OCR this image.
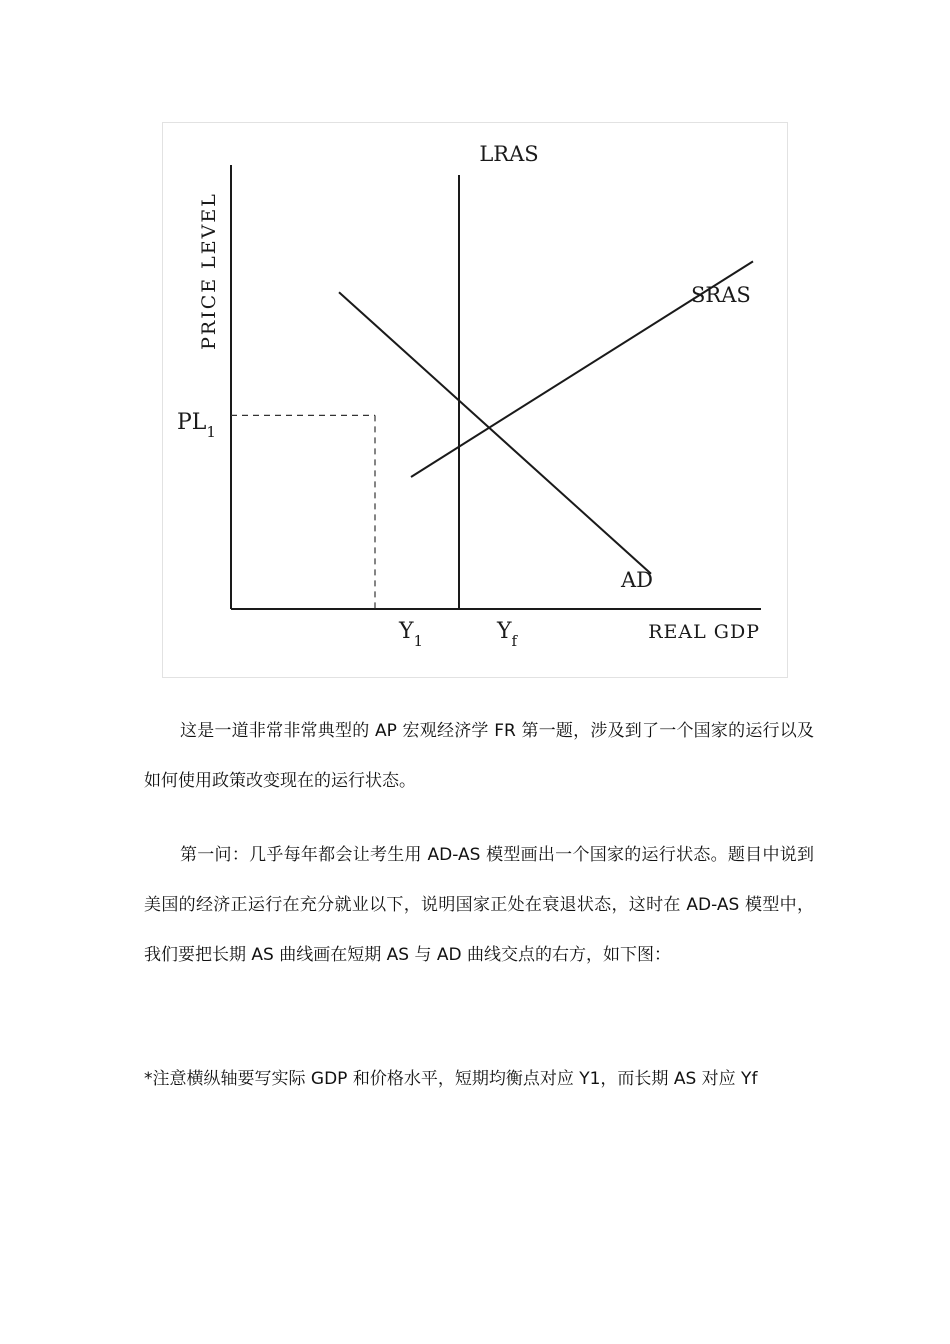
PRICE LEVEL
REAL GDP
LRAS
SRAS
AD
$PL_1$
$Y_1$	$Y_f$

这是一道非常非常典型的 AP 宏观经济学 FR 第一题，涉及到了一个国家的运行以及如何使用政策改变现在的运行状态。

第一问：几乎每年都会让考生用 AD-AS 模型画出一个国家的运行状态。题目中说到美国的经济正运行在充分就业以下，说明国家正处在衰退状态，这时在 AD-AS 模型中，我们要把长期 AS 曲线画在短期 AS 与 AD 曲线交点的右方，如下图：

*注意横纵轴要写实际 GDP 和价格水平，短期均衡点对应 Y1，而长期 AS 对应 Yf
